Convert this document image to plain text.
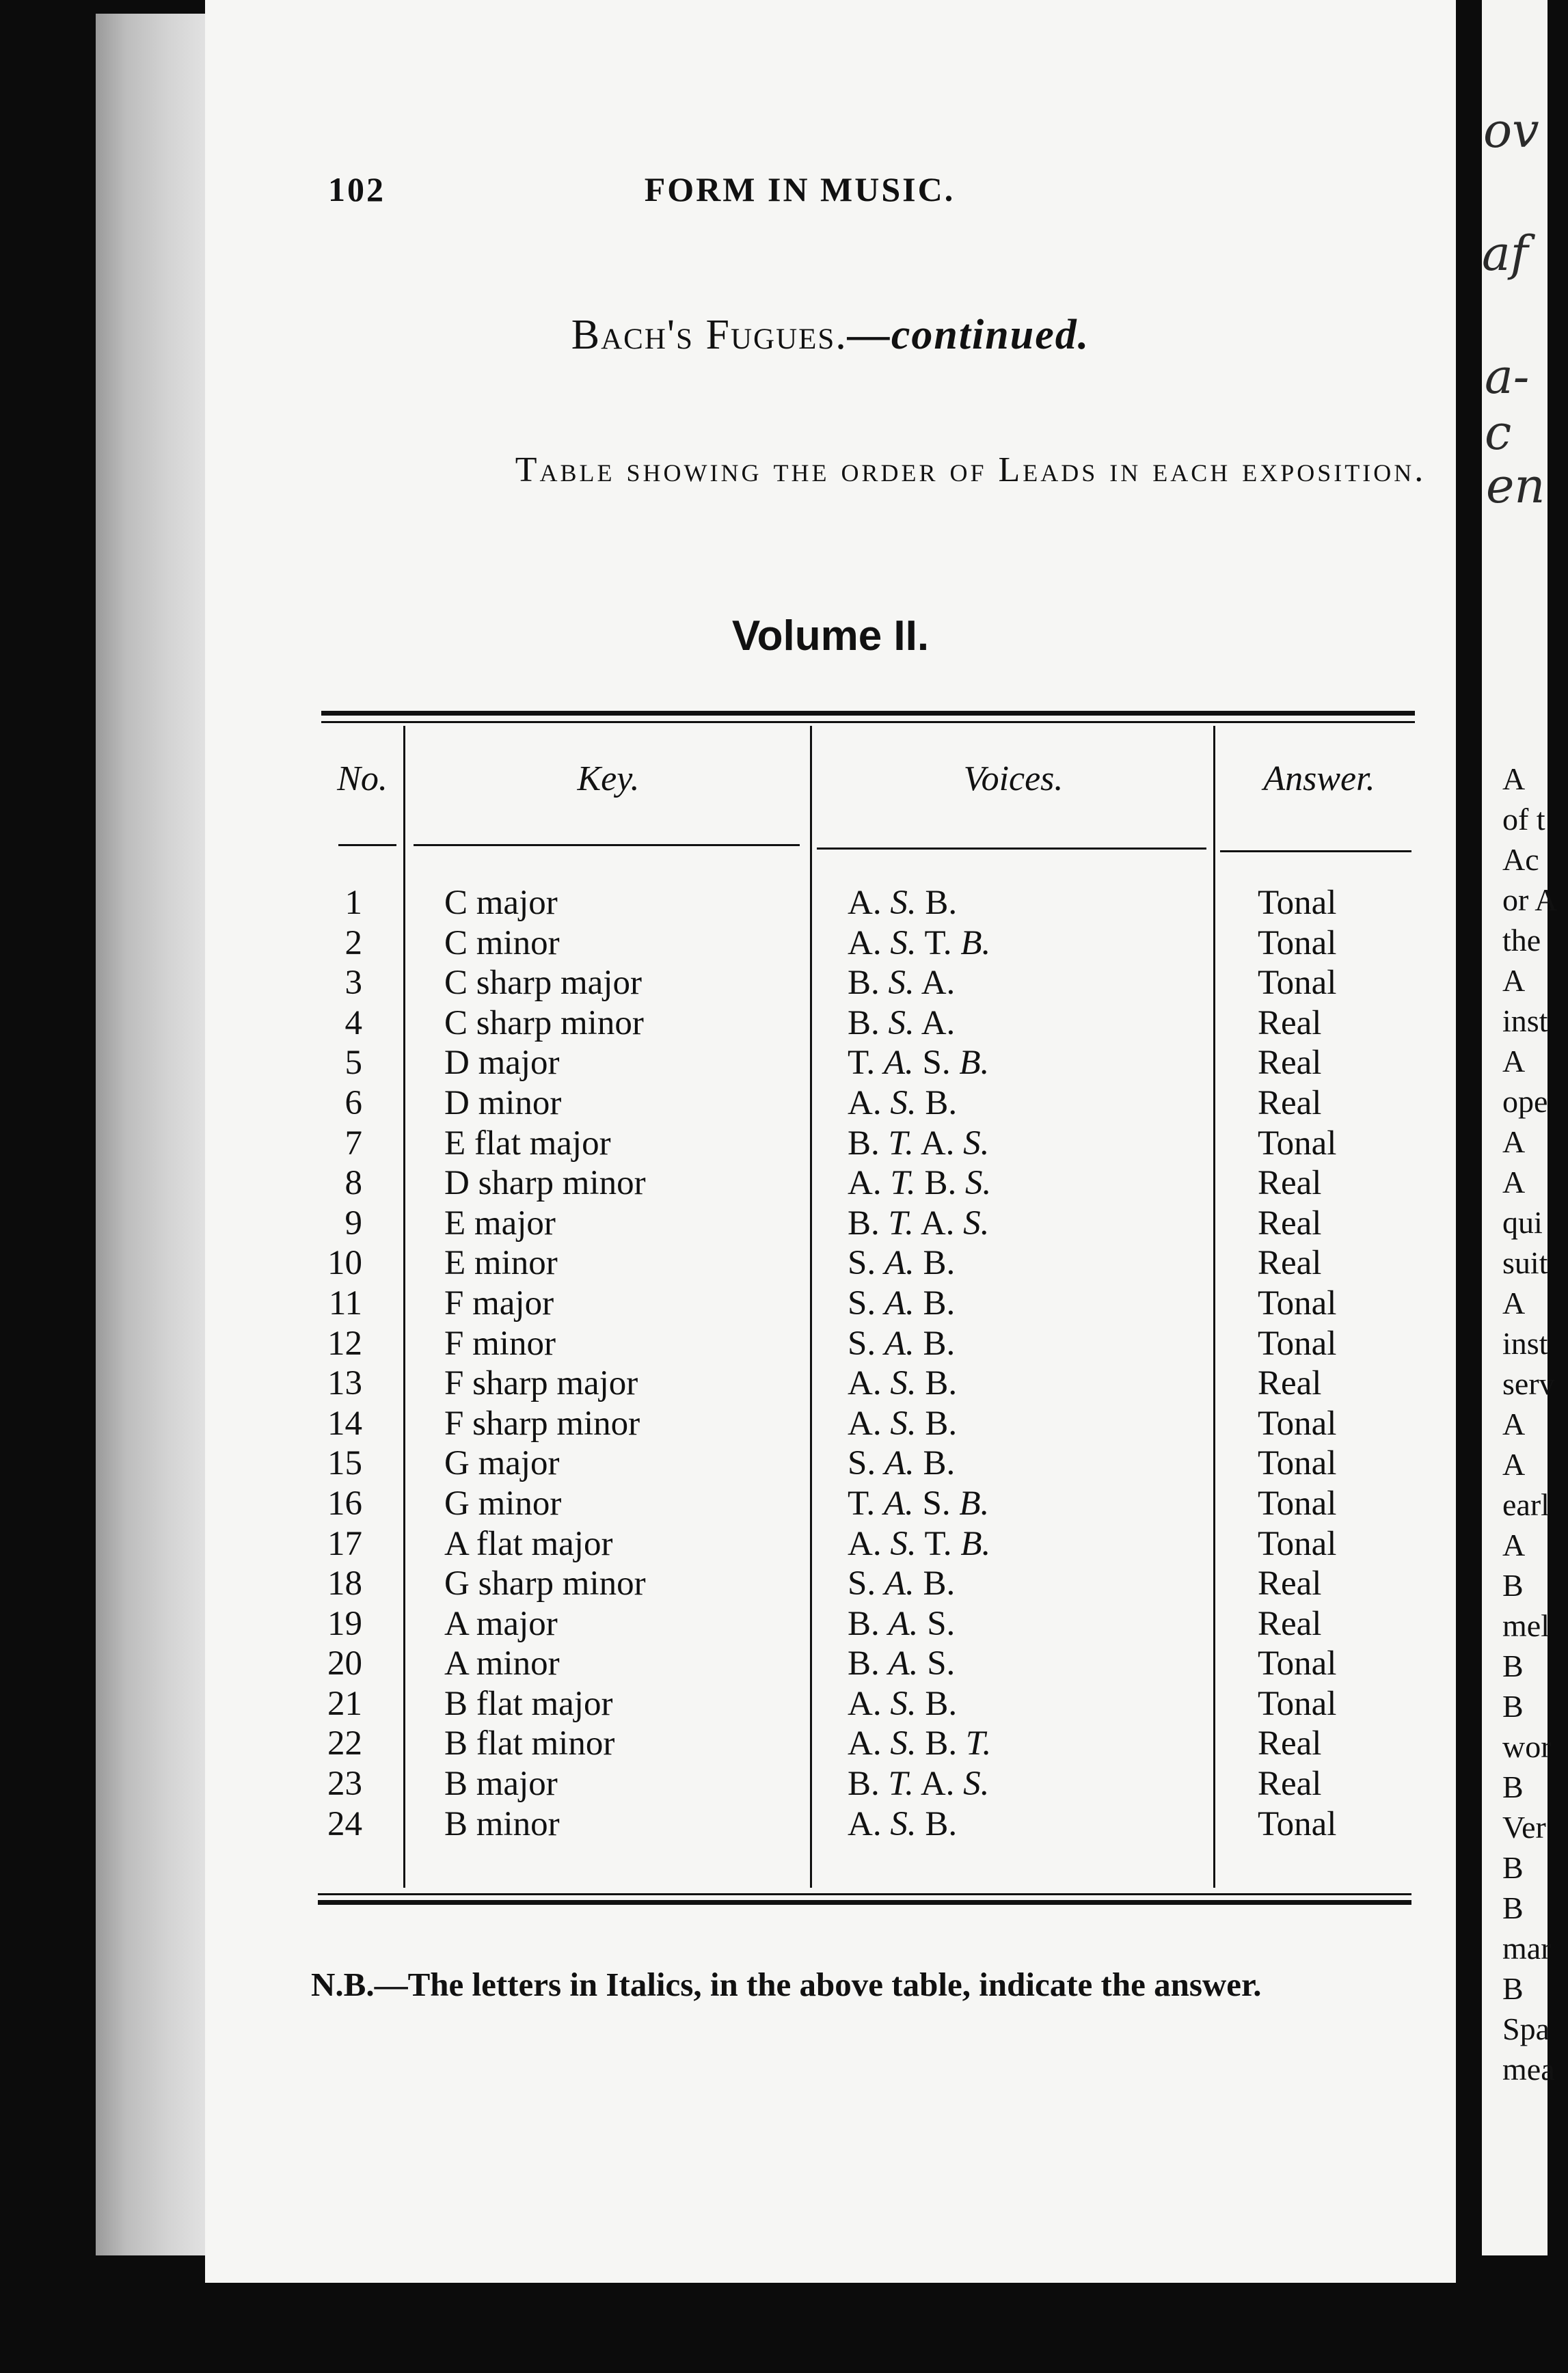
102	FORM IN MUSIC.
Bach's Fugues.—continued.
Table showing the order of Leads in each exposition.
Volume II.
No.	Key.	Voices.	Answer.
1 C major	A. S. B.	Tonal
2 C minor	A. S. T. B.	Tonal
3 C sharp major	B. S. A.	Tonal
4 C sharp minor	B. S. A.	Real
5 D major	T. A. S. B.	Real
6 D minor	A. S. B.	Real
7 E flat major	B. T. A. S.	Tonal
8 D sharp minor	A. T. B. S.	Real
9 E major	B. T. A. S.	Real
10 E minor	S. A. B.	Real
11 F major	S. A. B.	Tonal
12 F minor	S. A. B.	Tonal
13 F sharp major	A. S. B.	Real
14 F sharp minor	A. S. B.	Tonal
15 G major	S. A. B.	Tonal
16 G minor	T. A. S. B.	Tonal
17 A flat major	A. S. T. B.	Tonal
18 G sharp minor	S. A. B.	Real
19 A major	B. A. S.	Real
20 A minor	B. A. S.	Tonal
21 B flat major	A. S. B.	Tonal
22 B flat minor	A. S. B. T.	Real
23 B major	B. T. A. S.	Real
24 B minor	A. S. B.	Tonal
N.B.—The letters in Italics, in the above table, indicate the answer.
A
of t
Ac
or A
the
A
inst
A
ope
A
A
qui
suit
A
inst
serv
A
A
earl
A
B
mel
B
B
wor
B
Ver
B
B
mar
B
Spa
mea
ov
af
a-c
en
